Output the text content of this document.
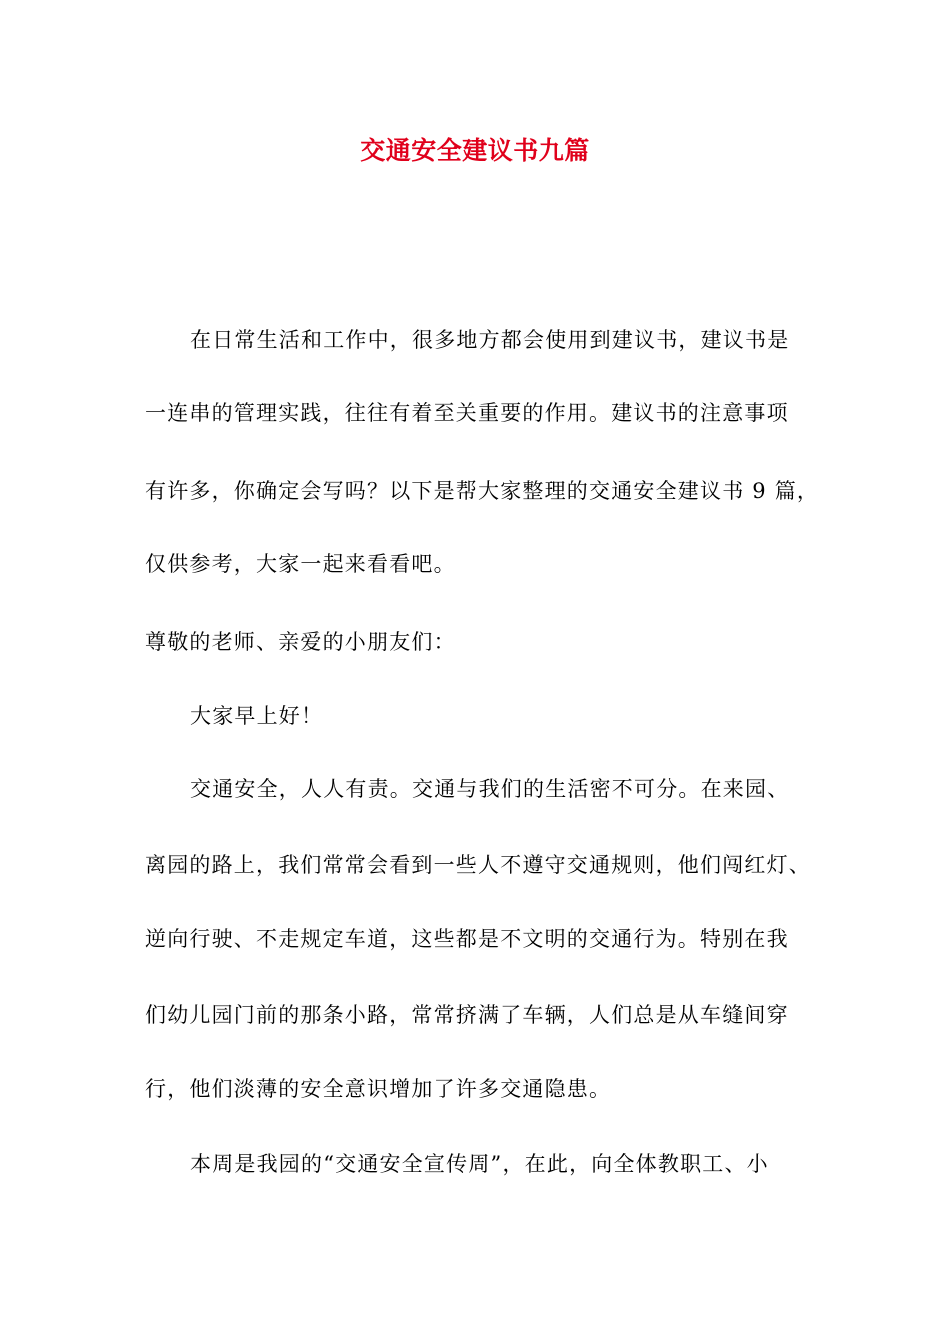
交通安全建议书九篇
在日常生活和工作中，很多地方都会使用到建议书，建议书是
一连串的管理实践，往往有着至关重要的作用。建议书的注意事项
有许多，你确定会写吗？以下是帮大家整理的交通安全建议书 9 篇，
仅供参考，大家一起来看看吧。
尊敬的老师、亲爱的小朋友们：
大家早上好！
交通安全，人人有责。交通与我们的生活密不可分。在来园、
离园的路上，我们常常会看到一些人不遵守交通规则，他们闯红灯、
逆向行驶、不走规定车道，这些都是不文明的交通行为。特别在我
们幼儿园门前的那条小路，常常挤满了车辆，人们总是从车缝间穿
行，他们淡薄的安全意识增加了许多交通隐患。
本周是我园的“交通安全宣传周”，在此，向全体教职工、小
